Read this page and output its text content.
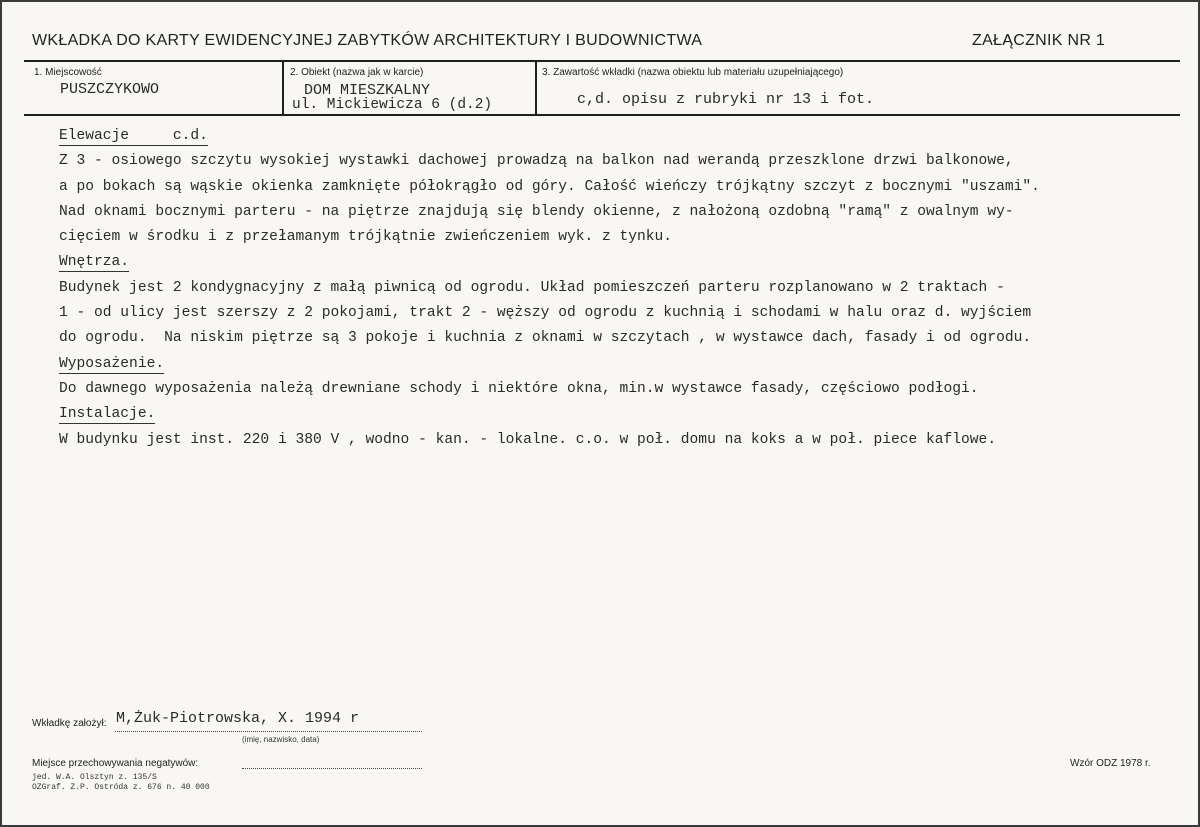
WKŁADKA DO KARTY EWIDENCYJNEJ ZABYTKÓW ARCHITEKTURY I BUDOWNICTWA	ZAŁĄCZNIK NR 1
1. Miejscowość
PUSZCZYKOWO
2. Obiekt (nazwa jak w karcie)
DOM MIESZKALNY
ul. Mickiewicza 6 (d.2)
3. Zawartość wkładki (nazwa obiektu lub materiału uzupełniającego)
c,d. opisu z rubryki nr 13 i fot.
Elewacje     c.d.
Z 3 - osiowego szczytu wysokiej wystawki dachowej prowadzą na balkon nad werandą przeszklone drzwi balkonowe,
a po bokach są wąskie okienka zamknięte półokrągło od góry. Całość wieńczy trójkątny szczyt z bocznymi "uszami".
Nad oknami bocznymi parteru - na piętrze znajdują się blendy okienne, z nałożoną ozdobną "ramą" z owalnym wy-
cięciem w środku i z przełamanym trójkątnie zwieńczeniem wyk. z tynku.
Wnętrza.
Budynek jest 2 kondygnacyjny z małą piwnicą od ogrodu. Układ pomieszczeń parteru rozplanowano w 2 traktach -
1 - od ulicy jest szerszy z 2 pokojami, trakt 2 - węższy od ogrodu z kuchnią i schodami w halu oraz d. wyjściem
do ogrodu.  Na niskim piętrze są 3 pokoje i kuchnia z oknami w szczytach , w wystawce dach, fasady i od ogrodu.
Wyposażenie.
Do dawnego wyposażenia należą drewniane schody i niektóre okna, min.w wystawce fasady, częściowo podłogi.
Instalacje.
W budynku jest inst. 220 i 380 V , wodno - kan. - lokalne. c.o. w poł. domu na koks a w poł. piece kaflowe.
Wkładkę założył: M,Żuk-Piotrowska, X. 1994 r
(imię, nazwisko, data)
Miejsce przechowywania negatywów:
jed. W.A. Olsztyn z. 135/S
OZGraf. Z.P. Ostróda z. 676 n. 40 000
Wzór ODZ 1978 r.
